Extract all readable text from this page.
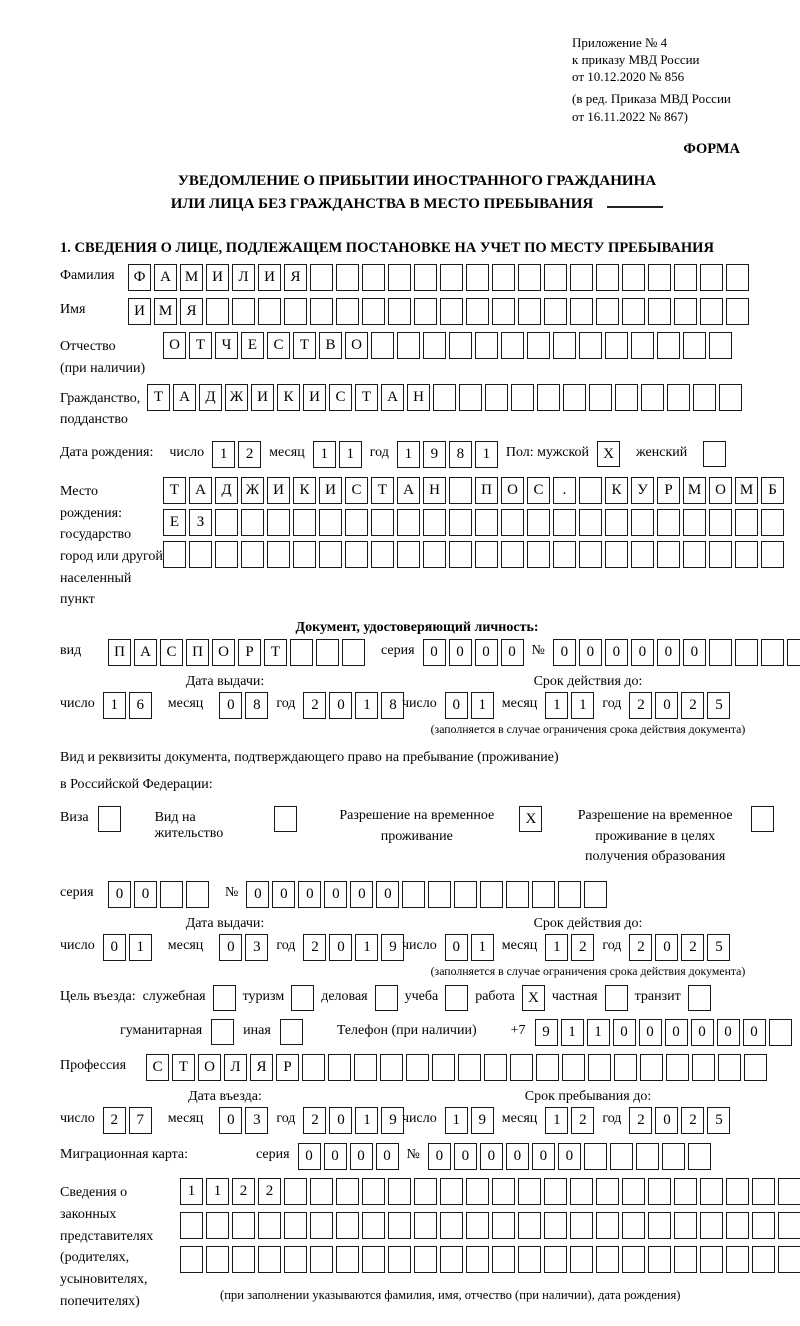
Приложение № 4
к приказу МВД России
от 10.12.2020 № 856
(в ред. Приказа МВД России
от 16.11.2022 № 867)
ФОРМА
УВЕДОМЛЕНИЕ О ПРИБЫТИИ ИНОСТРАННОГО ГРАЖДАНИНА
ИЛИ ЛИЦА БЕЗ ГРАЖДАНСТВА В МЕСТО ПРЕБЫВАНИЯ
1. СВЕДЕНИЯ О ЛИЦЕ, ПОДЛЕЖАЩЕМ ПОСТАНОВКЕ НА УЧЕТ ПО МЕСТУ ПРЕБЫВАНИЯ
Фамилия	Ф А М И	Л	И	Я
Имя	И М Я
Отчество
(при наличии)
О	Т	Ч	Е	С	Т	В	О
Гражданство,
подданство
Т	А	Д Ж И	К	И	С	Т	А	Н
Дата рождения: число	1	2	месяц	1	1	год	1	9	8	1	Пол: мужской X	женский
Место рождения:
государство
город или другой
населенный пункт
Т	А	Д Ж И	К	И	С	Т	А	Н	П	О	С	.	К	У	Р	М О М	Б
Е	З
Документ, удостоверяющий личность:
вид	П	А	С	П	О	Р	Т	серия	0	0	0	0	№	0	0	0	0	0	0
Дата выдачи:
число	1	6	месяц	0	8	год	2	0	1	8
Срок действия до:
число	0	1	месяц	1	1	год	2	0	2	5
(заполняется в случае ограничения срока действия документа)
Вид и реквизиты документа, подтверждающего право на пребывание (проживание)
в Российской Федерации:
Виза	Вид на жительство
Разрешение на временное проживание
X	Разрешение на временное проживание в целях получения образования
серия	0	0	№	0	0	0	0	0	0
Дата выдачи:
число	0	1	месяц	0	3	год	2	0	1	9
Срок действия до:
число	0	1	месяц	1	2	год	2	0	2	5
(заполняется в случае ограничения срока действия документа)
Цель въезда: служебная	туризм	деловая	учеба	работа X частная	транзит
гуманитарная	иная	Телефон (при наличии) +7	9	1	1	0	0	0	0	0	0
Профессия	С	Т	О	Л	Я	Р
Дата въезда:
число	2	7	месяц	0	3	год	2	0	1	9
Срок пребывания до:
число	1	9	месяц	1	2	год	2	0	2	5
Миграционная карта:	серия	0	0	0	0	№	0	0	0	0	0	0
Сведения о
законных
представителях
(родителях,
усыновителях,
попечителях)
1	1	2	2
(при заполнении указываются фамилия, имя, отчество (при наличии), дата рождения)
